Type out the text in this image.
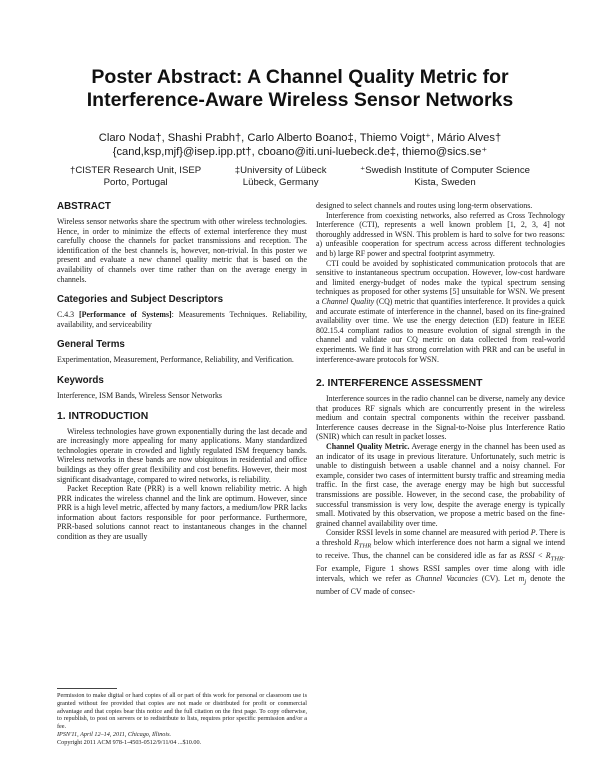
Poster Abstract: A Channel Quality Metric for
Interference-Aware Wireless Sensor Networks
Claro Noda†, Shashi Prabh†, Carlo Alberto Boano‡, Thiemo Voigt⁺, Mário Alves†
{cand,ksp,mjf}@isep.ipp.pt†, cboano@iti.uni-luebeck.de‡, thiemo@sics.se⁺
†CISTER Research Unit, ISEP
Porto, Portugal
‡University of Lübeck
Lübeck, Germany
⁺Swedish Institute of Computer Science
Kista, Sweden
ABSTRACT

Wireless sensor networks share the spectrum with other wireless technologies. Hence, in order to minimize the effects of external interference they must carefully choose the channels for packet transmissions and reception. The identification of the best channels is, however, non-trivial. In this poster we present and evaluate a new channel quality metric that is based on the availability of channels over time rather than on the average energy in channels.

Categories and Subject Descriptors

C.4.3 [Performance of Systems]: Measurements Techniques. Reliability, availability, and serviceability

General Terms

Experimentation, Measurement, Performance, Reliability, and Verification.

Keywords

Interference, ISM Bands, Wireless Sensor Networks

1. INTRODUCTION

Wireless technologies have grown exponentially during the last decade and are increasingly more appealing for many applications. Many standardized technologies operate in crowded and lightly regulated ISM frequency bands. Wireless networks in these bands are now ubiquitous in residential and office buildings as they offer great flexibility and cost benefits. However, their most significant disadvantage, compared to wired networks, is reliability.

Packet Reception Rate (PRR) is a well known reliability metric. A high PRR indicates the wireless channel and the link are optimum. However, since PRR is a high level metric, affected by many factors, a medium/low PRR lacks information about factors responsible for poor performance. Furthermore, PRR-based solutions cannot react to instantaneous changes in the channel condition as they are usually

designed to select channels and routes using long-term observations.

Interference from coexisting networks, also referred as Cross Technology Interference (CTI), represents a well known problem [1, 2, 3, 4] not thoroughly addressed in WSN. This problem is hard to solve for two reasons: a) unfeasible cooperation for spectrum access across different technologies and b) large RF power and spectral footprint asymmetry.

CTI could be avoided by sophisticated communication protocols that are sensitive to instantaneous spectrum occupation. However, low-cost hardware and limited energy-budget of nodes make the typical spectrum sensing techniques as proposed for other systems [5] unsuitable for WSN. We present a Channel Quality (CQ) metric that quantifies interference. It provides a quick and accurate estimate of interference in the channel, based on its fine-grained availability over time. We use the energy detection (ED) feature in IEEE 802.15.4 compliant radios to measure evolution of signal strength in the channel and validate our CQ metric on data collected from real-world experiments. We find it has strong correlation with PRR and can be useful in interference-aware protocols for WSN.

2. INTERFERENCE ASSESSMENT

Interference sources in the radio channel can be diverse, namely any device that produces RF signals which are concurrently present in the wireless medium and contain spectral components within the receiver passband. Interference causes decrease in the Signal-to-Noise plus Interference Ratio (SNIR) which can result in packet losses.

Channel Quality Metric. Average energy in the channel has been used as an indicator of its usage in previous literature. Unfortunately, such metric is unable to distinguish between a usable channel and a noisy channel. For example, consider two cases of intermittent bursty traffic and streaming media traffic. In the first case, the average energy may be high but successful transmissions are possible. However, in the second case, the probability of successful transmission is very low, despite the average energy is typically small. Motivated by this observation, we propose a metric based on the fine-grained channel availability over time.

Consider RSSI levels in some channel are measured with period P. There is a threshold $R_{THR}$ below which interference does not harm a signal we intend to receive. Thus, the channel can be considered idle as far as RSSI < $R_{THR}$. For example, Figure 1 shows RSSI samples over time along with idle intervals, which we refer as Channel Vacancies (CV). Let $m_j$ denote the number of CV made of consec-

Permission to make digital or hard copies of all or part of this work for personal or classroom use is granted without fee provided that copies are not made or distributed for profit or commercial advantage and that copies bear this notice and the full citation on the first page. To copy otherwise, to republish, to post on servers or to redistribute to lists, requires prior specific permission and/or a fee.

IPSN'11, April 12–14, 2011, Chicago, Illinois.

Copyright 2011 ACM 978-1-4503-0512/9/11/04 ...$10.00.
